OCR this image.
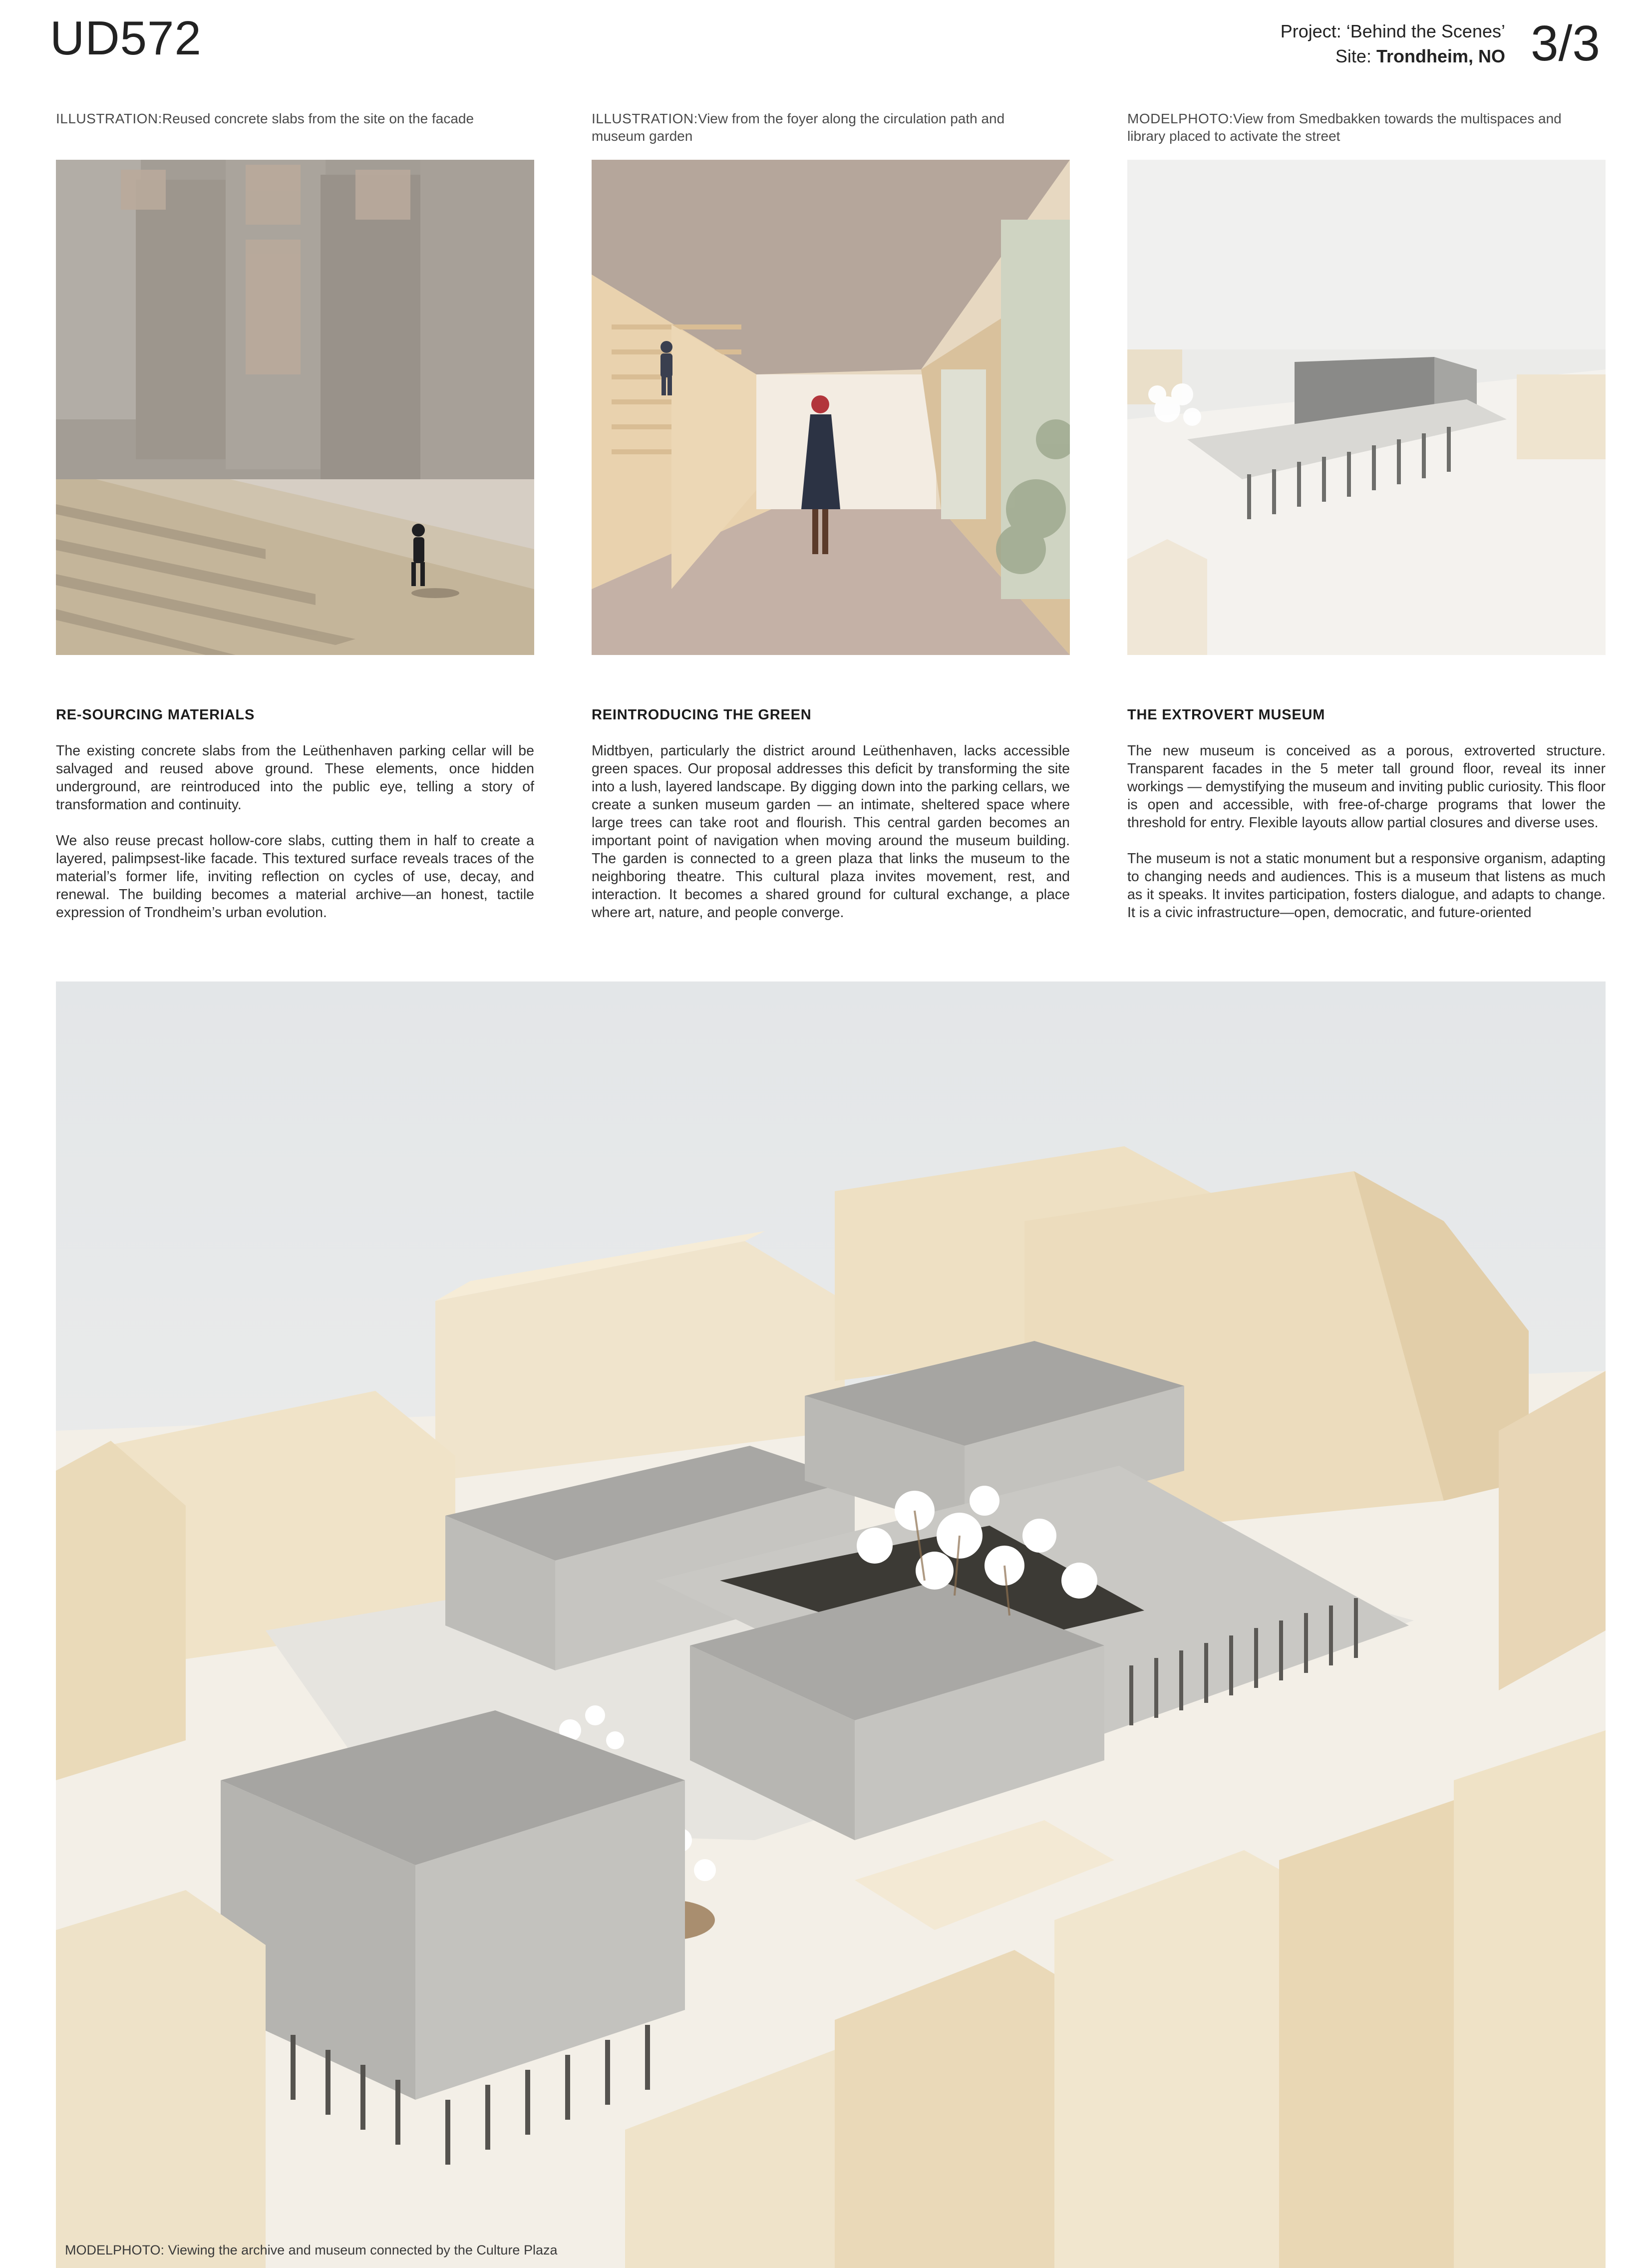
UD572	Project: ‘Behind the Scenes’
Site: Trondheim, NO 3/3
ILLUSTRATION:Reused concrete slabs from the site on the facade
RE-SOURCING MATERIALS

The existing concrete slabs from the Leüthenhaven parking cellar will be salvaged and reused above ground. These elements, once hidden underground, are reintroduced into the public eye, telling a story of transformation and continuity.

We also reuse precast hollow-core slabs, cutting them in half to create a layered, palimpsest-like facade. This textured surface reveals traces of the material’s former life, inviting reflection on cycles of use, decay, and renewal. The building becomes a material archive—an honest, tactile expression of Trondheim’s urban evolution.

ILLUSTRATION:View from the foyer along the circulation path and museum garden
REINTRODUCING THE GREEN

Midtbyen, particularly the district around Leüthenhaven, lacks accessible green spaces. Our proposal addresses this deficit by transforming the site into a lush, layered landscape. By digging down into the parking cellars, we create a sunken museum garden — an intimate, sheltered space where large trees can take root and flourish. This central garden becomes an important point of navigation when moving around the museum building. The garden is connected to a green plaza that links the museum to the neighboring theatre. This cultural plaza invites movement, rest, and interaction. It becomes a shared ground for cultural exchange, a place where art, nature, and people converge.

MODELPHOTO:View from Smedbakken towards the multispaces and library placed to activate the street
THE EXTROVERT MUSEUM

The new museum is conceived as a porous, extroverted structure. Transparent facades in the 5 meter tall ground floor, reveal its inner workings — demystifying the museum and inviting public curiosity. This floor is open and accessible, with free-of-charge programs that lower the threshold for entry. Flexible layouts allow partial closures and diverse uses.

The museum is not a static monument but a responsive organism, adapting to changing needs and audiences. This is a museum that listens as much as it speaks. It invites participation, fosters dialogue, and adapts to change. It is a civic infrastructure—open, democratic, and future-oriented

MODELPHOTO: Viewing the archive and museum connected by the Culture Plaza
